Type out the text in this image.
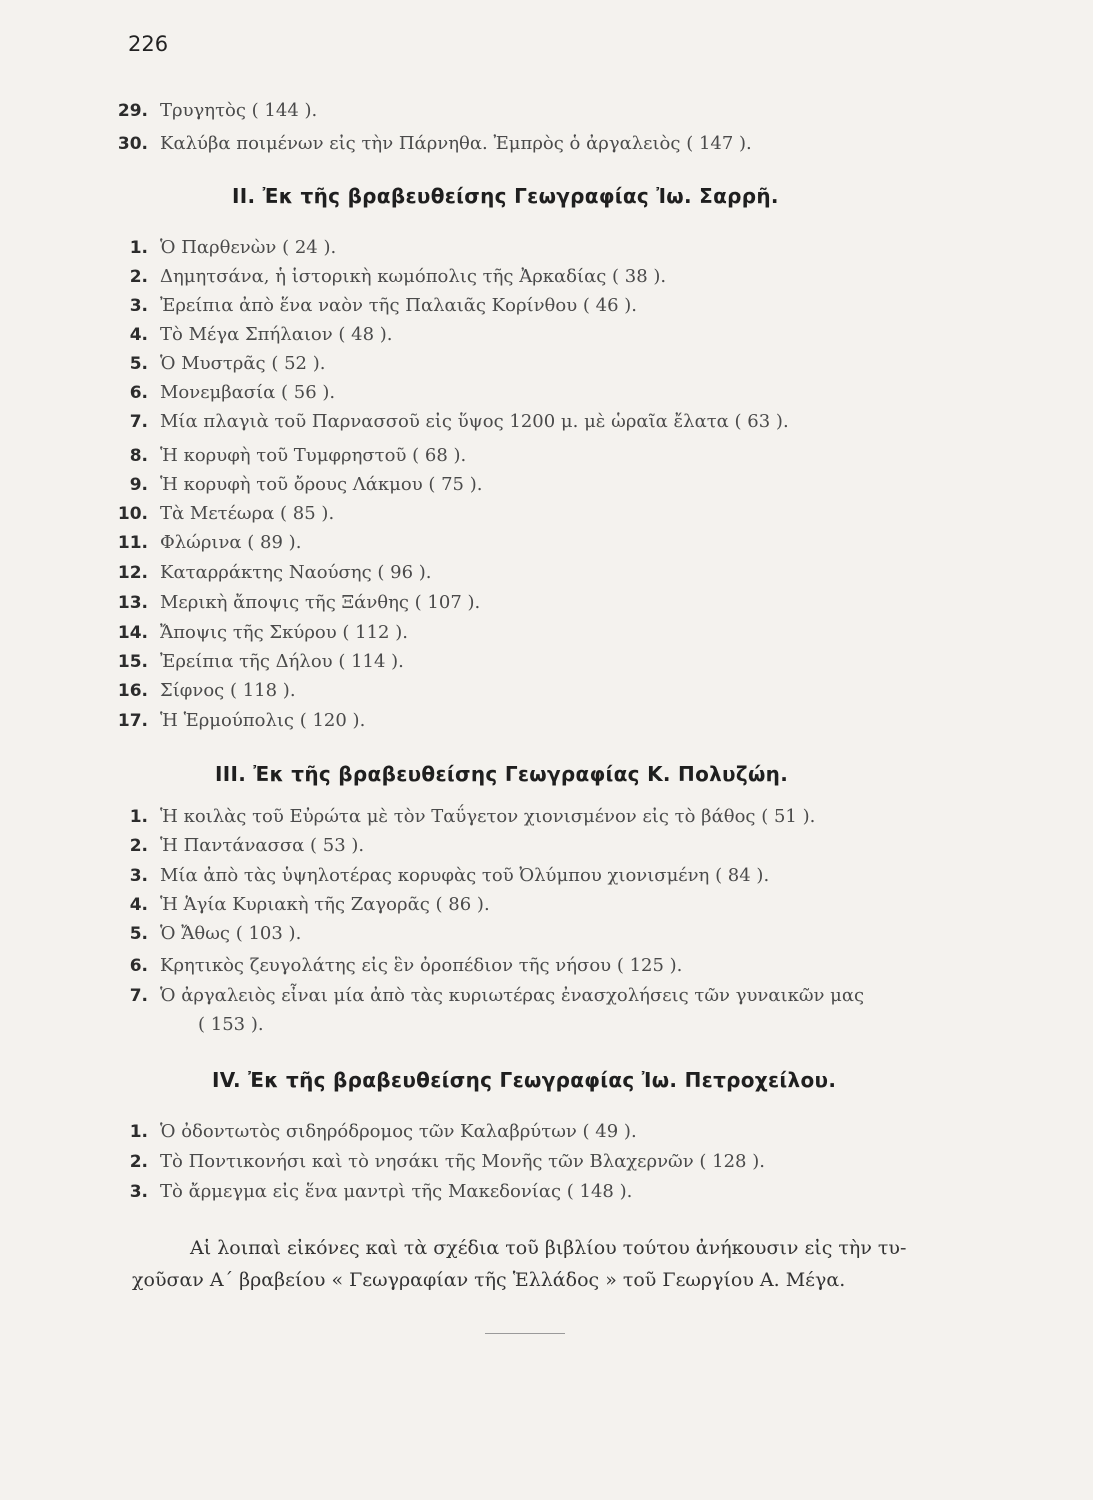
226
29. Τρυγητὸς ( 144 ).
30. Καλύβα ποιμένων εἰς τὴν Πάρνηθα. Ἐμπρὸς ὁ ἀργαλειὸς ( 147 ).
II. Ἐκ τῆς βραβευθείσης Γεωγραφίας Ἰω. Σαρρῆ.
1. Ὁ Παρθενὼν ( 24 ).
2. Δημητσάνα, ἡ ἱστορικὴ κωμόπολις τῆς Ἀρκαδίας ( 38 ).
3. Ἐρείπια ἀπὸ ἕνα ναὸν τῆς Παλαιᾶς Κορίνθου ( 46 ).
4. Τὸ Μέγα Σπήλαιον ( 48 ).
5. Ὁ Μυστρᾶς ( 52 ).
6. Μονεμβασία ( 56 ).
7. Μία πλαγιὰ τοῦ Παρνασσοῦ εἰς ὕψος 1200 μ. μὲ ὡραῖα ἔλατα ( 63 ).
8. Ἡ κορυφὴ τοῦ Τυμφρηστοῦ ( 68 ).
9. Ἡ κορυφὴ τοῦ ὄρους Λάκμου ( 75 ).
10. Τὰ Μετέωρα ( 85 ).
11. Φλώρινα ( 89 ).
12. Καταρράκτης Ναούσης ( 96 ).
13. Μερικὴ ἄποψις τῆς Ξάνθης ( 107 ).
14. Ἄποψις τῆς Σκύρου ( 112 ).
15. Ἐρείπια τῆς Δήλου ( 114 ).
16. Σίφνος ( 118 ).
17. Ἡ Ἑρμούπολις ( 120 ).
III. Ἐκ τῆς βραβευθείσης Γεωγραφίας Κ. Πολυζώη.
1. Ἡ κοιλὰς τοῦ Εὐρώτα μὲ τὸν Ταΰγετον χιονισμένον εἰς τὸ βάθος ( 51 ).
2. Ἡ Παντάνασσα ( 53 ).
3. Μία ἀπὸ τὰς ὑψηλοτέρας κορυφὰς τοῦ Ὀλύμπου χιονισμένη ( 84 ).
4. Ἡ Ἁγία Κυριακὴ τῆς Ζαγορᾶς ( 86 ).
5. Ὁ Ἄθως ( 103 ).
6. Κρητικὸς ζευγολάτης εἰς ἓν ὀροπέδιον τῆς νήσου ( 125 ).
7. Ὁ ἀργαλειὸς εἶναι μία ἀπὸ τὰς κυριωτέρας ἐνασχολήσεις τῶν γυναικῶν μας
( 153 ).
IV. Ἐκ τῆς βραβευθείσης Γεωγραφίας Ἰω. Πετροχείλου.
1. Ὁ ὀδοντωτὸς σιδηρόδρομος τῶν Καλαβρύτων ( 49 ).
2. Τὸ Ποντικονήσι καὶ τὸ νησάκι τῆς Μονῆς τῶν Βλαχερνῶν ( 128 ).
3. Τὸ ἄρμεγμα εἰς ἕνα μαντρὶ τῆς Μακεδονίας ( 148 ).
Αἱ λοιπαὶ εἰκόνες καὶ τὰ σχέδια τοῦ βιβλίου τούτου ἀνήκουσιν εἰς τὴν τυ-
χοῦσαν Α΄ βραβείου « Γεωγραφίαν τῆς Ἑλλάδος » τοῦ Γεωργίου Α. Μέγα.
